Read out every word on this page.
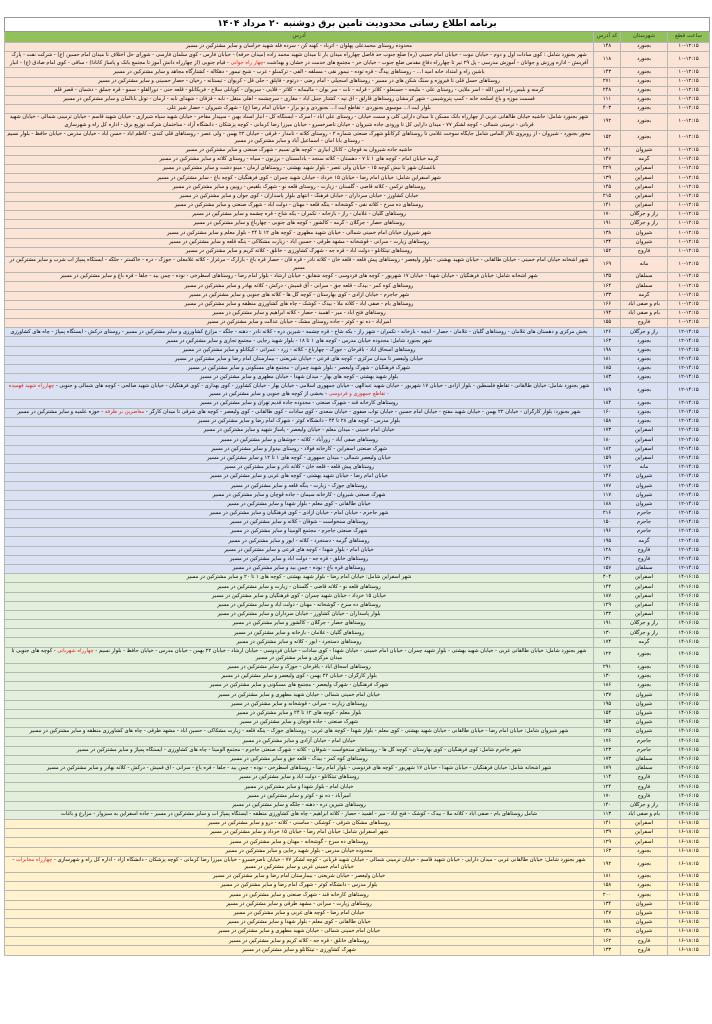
برنامه اطلاع رسانی محدودیت تامین برق دوشنبه ۲۰ مرداد ۱۴۰۴			
ساعت قطع	شهرستان	کد آدرس	آدرس
۱۰-۱۲:۱۵	بجنورد	۱۴۸	محدوده روستای محمدعلی پهلوان - اترباد - کهنه کن - سرده فله شهید خراسان و سایر مشترکین در مسیر
۱۰-۱۲:۱۵	بجنورد	۱۱۸	شهر بجنورد شامل : کوی سادات اول و دوم - خیابان نبوت - خیابان امام خمینی (ره) ضلع جنوب حد فاصل چهارراه میدان بار تا میدان شهید محمد زاده (میدان حرفه) - خیابان فارس - کوی سلمان فارسی - شورای حل اختلاف تا میدان امام حسین (ع) - شرکت نفت - پارک آفرینش - اداره ورزش و جوانان - آموزش مدرسی - پل ۲۹ تیر تا چهارراه دفاع مقدس ضلع جنوب - خیابان حر - مجتمع های خدمت در خشان و بهداشت -چهار راه جوانی - قیام جنوبی (از چهارراه دانش آموز تا مجتمع بانک و پاساژ کانادا) - ساقی - کوی امام صادق (ع) - انبار
۱۰-۱۲:۱۵	بجنورد	۱۴۳	باشین راه و امتداد خانه امید ا... - روستاهای پیدگ - قره توده - نیمور نقی - مسلقه - الفی - ترکمنلو - غرب - شیخ تیمور - دهکاله - کشتارگاه مجاهد و سایر مشترکین در مسیر
۱۰-۱۲:۱۵	بجنورد	۲۷۱	روستاهای حسل قلی تا فیروزه و سنگ شکن های در مسیر - روستاهای اسجیلی - امام رضی - درتوم - قاپلق - حلی قل - کریوان - تیستانه - رخیان - حصار حسینی و سایر مشترکین در مسیر
۱۰-۱۲:۱۵	بجنورد	۲۴۸	کرمنه و بلیس راه امین الله - اسر ملایی - روستای علی - ملیحه - حسنعلو - کلاتر - قرابه - نات - سر یوان - مالیمانه - کلاتر - قلایی - سرپوان - کوپانلی سلاخ - فریکانلو - قلعه حنی - دورالقلو - سمو - قره جملق - دشمان - قصر قلم
۱۰-۱۲:۱۵	بجنورد	۱۱۱	قسمت موزه و باغ اسلحه خانه - کمپ پتروشیمی - شهر کرمشان روستاهای قارلق - آق تپه - کشتار جنبل آباد - مقاری - سرچشمه - اهلی منقل - نابه - قزقان - شهدای نابه - ارمان - تونل بابالمان و سایر مشترکین در مسیر
۱۰-۱۲:۱۵	بجنورد	۴۰۳	بلوار آیت ا... موسوی بجنوردی - تقاطع آیت ا... بجنوردی و نو برار - خیابان امام رضا (ع) - شهرک شیروان - حصار شیر علی
۱۰-۱۲:۱۵	بجنورد	۱۹۲	شهر بجنورد شامل: حاشیه خیابان طالقانی غربی از چهارراه بانک مسکن تا میدان دارایی کلی و سمت خیابان - روستای علی آباد - اسرک - ایستگاه کل - انبار اسناد بهبن - سپیدار مفاخر - خیابان شهید سپاه شیرازی - خیابان شهید قاسم - خیابان ترمینی شمالی - خیابان شهید قربانی - ترمینی شمالی - کوچه لشکر ۷۷ - میدان دارایی کل تا ورودی جاده شیروان - خیابان ناصرخسرو - خیابان میرزا رضا کرمانی - کوچه پزشکان - دانشگاه آزاد - ساختمان شرکت توزیع برق - اداره کل راه و شهرسازی
۱۰-۱۲:۱۵	بجنورد	۱۵۲	محور بجنورد - شیروان - از روبروی تالار الماس شامل جایگاه سوخت غلامی تا روستاهای کرکانلو شهرک صنعتی شماره ۲ - روستای کلاته - نامدار - قرقی - خیابان ۲۲ بهمن - ولی عصر - روستاهای قلی کندی - کاظم آباد - حسن آباد - خیابان مدرس - خیابان حافظ - بلوار نسیم - روستای بابا امان - اسماعیل آباد و سایر مشترکین در مسیر
۱۰-۱۲:۱۵	شیروان	۱۴۱	حاشیه جاده شیروان به قوچان - کانال آبیاری - کوچه های نسیم - شهرک صنعتی و سایر مشترکین در مسیر
۱۰-۱۲:۱۵	گرمه	۱۴۷	گرمه خیابان امام - کوچه های ۱ تا ۷ - دهستان - کلاته سنجد - بادامستان - برزنون - سیاه - روستای کلاته و سایر مشترکین در مسیر
۱۰-۱۲:۱۵	اسفراین	۲۲۹	باغستان شهر تا نبش کوچه ۱۵ - خیابان ولی عصر - بلوار شهید بهشتی - روستاهای آرمان - مینو دشت و سایر مشترکین در مسیر
۱۰-۱۲:۱۵	اسفراین	۱۳۹	شهر اسفراین شامل: خیابان امام رضا - خیابان ۱۵ خرداد - خیابان شهید چمران - کوی فرهنگیان - کوچه باغ - سایر مشترکین در مسیر
۱۰-۱۲:۱۵	اسفراین	۱۴۵	روستاهای ترکمن - کلاته قاضی - گلستان - زیارت - روستای قلعه نو - شهرک بلقیس - رویین و سایر مشترکین در مسیر
۱۰-۱۲:۱۵	اسفراین	۲۱۵	خیابان کشاورز - خیابان سرداران - خیابان فرهنگ - انتهای بلوار پاسداران - کوی جوان و سایر مشترکین در مسیر
۱۰-۱۲:۱۵	اسفراین	۱۴۱	روستاهای ده سرخ - کلاته نقی - گوشخانه - ینگه قلعه - مهنان - دولت آباد - شهرک صنعتی و سایر مشترکین در مسیر
۱۰-۱۲:۱۵	راز و جرگلان	۱۷۰	روستاهای گلیان - غلامان - راز - بازخانه - تکمران - یکه شاخ - قره چشمه و سایر مشترکین در مسیر
۱۰-۱۲:۱۵	راز و جرگلان	۱۹۱	روستاهای حصار - جرگلان - گرمه - کالشور - کوچه های جنوبی - چهارباغ و سایر مشترکین در مسیر
۱۰-۱۲:۱۵	شیروان	۱۳۸	شهر شیروان خیابان امام خمینی شمالی - خیابان شهید مطهری - کوچه های ۱۲ تا ۲۴ - بلوار معلم و سایر مشترکین در مسیر
۱۰-۱۲:۱۵	شیروان	۱۳۴	روستاهای زیارت - سرانی - قوشخانه - مشهد طرقی - حسین آباد - زیارت مشکاکی - ینگه قلعه و سایر مشترکین در مسیر
۱۰-۱۲:۱۵	فاروج	۱۵۲	روستاهای تیتکانلو - دولت آباد - قره جه - شهرک کشاورزی - خانلق - کلاته کریم و سایر مشترکین در مسیر
۱۰-۱۲:۱۵	مانه	۱۶۹	شهر آشخانه خیابان امام خمینی - خیابان طالقانی - خیابان شهید بهشتی - بلوار ولیعصر - روستاهای پیش قلعه - قلعه خان - کلاته نادر - قره قان - حصار قره باغ - بازارک - مرغزار - کلاته غلامعلی - جوزک - دره - خاکستر - جلگه - ایستگاه پمپاژ آب شرب و سایر مشترکین در مسیر
۱۰-۱۲:۱۵	سملقان	۱۳۵	شهر آشخانه شامل: خیابان فرهنگیان - خیابان شهدا - خیابان ۱۷ شهریور - کوچه های فردوسی - کوچه شقایق - خیابان ارشاد - بلوار امام رضا - روستاهای اسطرخی - نوده - چمن بید - جلفا - قره باغ و سایر مشترکین در مسیر
۱۰-۱۲:۱۵	سملقان	۱۶۴	روستاهای کوه کمر - بیدک - قلعه جق - سرانی - آق قمیش - درکش - کلاته بهادر و سایر مشترکین در مسیر
۱۰-۱۲:۱۵	گرمه	۱۳۳	شهر جاجرم - خیابان آزادی - کوی بهارستان - کوچه گل ها - کلاته های جنوبی و سایر مشترکین در مسیر
۱۰-۱۲:۱۵	بام و صفی آباد	۱۶۶	روستاهای بام - صفی آباد - کلاته ملا - بیدک - کوشک - چاه های کشاورزی منطقه و سایر مشترکین در مسیر
۱۰-۱۲:۱۵	بام و صفی آباد	۱۹۴	روستاهای فتح آباد - میر - آهمید - حصار - کلاته ابراهیم و سایر مشترکین در مسیر
۱۰-۱۲:۱۵	فاروج	۱۵۵	امیرآباد - ده نو - کوثر - جاده روستای مشک - خیابان عدالت و سایر مشترکین در مسیر
۱۲-۱۴:۱۵	راز و جرگلان	۱۲۶	بخش مرکزی و دهستان های غلامان - روستاهای گلیان - غلامان - حصار - اینچه - بازخانه - تکمران - شهر راز - یکه شاخ - قره چشمه - شیرین دره - کلاته نادر - دهنه - جلگه - مزارع کشاورزی و سایر مشترکین در مسیر - روستای درکش - ایستگاه پمپاژ - چاه های کشاورزی
۱۲-۱۴:۱۵	بجنورد	۱۶۳	شهر بجنورد شامل: محدوده خیابان مدرس - کوچه های ۱ تا ۱۸ - بلوار شهید رجایی - مجتمع تجاری و سایر مشترکین در مسیر
۱۲-۱۴:۱۵	بجنورد	۱۹۸	روستاهای اسحاق آباد - باقرخان - جوزک - چهارباغ - کلاته - زرد - عمرانی - کیکانلو و سایر مشترکین در مسیر
۱۲-۱۴:۱۵	بجنورد	۱۸۱	خیابان ولیعصر تا میدان مرکزی - کوچه های فرعی - خیابان شریعتی - بیمارستان امام رضا و سایر مشترکین در مسیر
۱۲-۱۴:۱۵	بجنورد	۱۸۵	شهرک فرهنگیان - شهرک ولیعصر - بلوار شهید چمران - مجتمع های مسکونی و سایر مشترکین در مسیر
۱۲-۱۴:۱۵	بجنورد	۱۸۳	بلوار شهید بهشتی - کوچه های بهار - میدان شهدا - خیابان مطهری و سایر مشترکین در مسیر
۱۲-۱۴:۱۵	بجنورد	۱۸۹	شهر بجنورد شامل: خیابان طالقانی - تقاطع فلسطین - بلوار آزادی - خیابان ۱۷ شهریور - خیابان شهید عبدالهی - خیابان جمهوری اسلامی - خیابان بهار - خیابان کشاورز - کوی بهداری - کوی فرهنگیان - خیابان شهید صالحی - کوچه های شمالی و جنوبی - چهارراه شهید فهمیده - تقاطع جمهوری و فردوسی - بخشی از کوچه های جنوبی و سایر مشترکین در مسیر
۱۲-۱۴:۱۵	بجنورد	۱۸۴	روستاهای کارخانه قند - شهرک صنعتی - محدوده جاده قدیم تهران و سایر مشترکین در مسیر
۱۲-۱۴:۱۵	بجنورد	۱۶۰	شهر بجنورد: بلوار کارگران - خیابان ۲۲ بهمن - خیابان شهید مفتح - خیابان امام حسین - خیابان نواب صفوی - خیابان سعدی - کوی سادات - کوی طالقانی - کوی ولیعصر - کوچه های شرقی تا میدان کارگر - معاصرین بر طرفه - حوزه علمیه و سایر مشترکین در مسیر
۱۲-۱۴:۱۵	بجنورد	۱۵۸	بلوار مدرس - کوچه های ۲۸ تا ۴۴ - دانشگاه کوثر - شهرک امام رضا و سایر مشترکین در مسیر
۱۲-۱۴:۱۵	اسفراین	۱۷۳	خیابان امام خمینی - میدان معلم - خیابان ولیعصر - پاساژ شهید و سایر مشترکین در مسیر
۱۲-۱۴:۱۵	اسفراین	۱۸۰	روستاهای صفی آباد - زورآباد - کلاته - جوشقان و سایر مشترکین در مسیر
۱۲-۱۴:۱۵	اسفراین	۱۸۲	شهرک صنعتی اسفراین - کارخانه فولاد - روستای بیدواز و سایر مشترکین در مسیر
۱۲-۱۴:۱۵	اسفراین	۱۵۹	خیابان ولیعصر شمالی - میدان جمهوری - کوچه های ۱ تا ۱۲ و سایر مشترکین در مسیر
۱۲-۱۴:۱۵	مانه	۱۱۲	روستاهای پیش قلعه - قلعه خان - کلاته نادر و سایر مشترکین در مسیر
۱۲-۱۴:۱۵	شیروان	۱۴۶	خیابان امام رضا - خیابان شهید بهشتی - کوچه های غربی و سایر مشترکین در مسیر
۱۲-۱۴:۱۵	شیروان	۱۷۷	روستاهای جوزک - زیارت - ینگه قلعه و سایر مشترکین در مسیر
۱۲-۱۴:۱۵	شیروان	۱۱۷	شهرک صنعتی شیروان - کارخانه سیمان - جاده قوچان و سایر مشترکین در مسیر
۱۲-۱۴:۱۵	شیروان	۱۸۸	خیابان طالقانی - کوی معلم - بلوار شهدا و سایر مشترکین در مسیر
۱۲-۱۴:۱۵	جاجرم	۲۱۶	شهر جاجرم - خیابان امام - خیابان آزادی - کوی فرهنگیان و سایر مشترکین در مسیر
۱۲-۱۴:۱۵	جاجرم	۱۵۰	روستاهای سنخواست - شوقان - کلاته و سایر مشترکین در مسیر
۱۲-۱۴:۱۵	جاجرم	۱۹۶	شهرک صنعتی جاجرم - مجتمع آلومینا و سایر مشترکین در مسیر
۱۲-۱۴:۱۵	گرمه	۱۹۵	روستاهای گرمه - دستجرد - کلاته - ایور و سایر مشترکین در مسیر
۱۲-۱۴:۱۵	فاروج	۱۲۸	خیابان امام - بلوار شهدا - کوچه های فرعی و سایر مشترکین در مسیر
۱۲-۱۴:۱۵	فاروج	۱۳۱	روستاهای خانلق - قره جه - دولت آباد و سایر مشترکین در مسیر
۱۲-۱۴:۱۵	سملقان	۱۵۷	روستاهای قره باغ - نوده - چمن بید و سایر مشترکین در مسیر
۱۴-۱۶:۱۵	اسفراین	۴۰۴	شهر اسفراین شامل: خیابان امام رضا - بلوار شهید بهشتی - کوچه های ۱ تا ۲۰ و سایر مشترکین در مسیر
۱۴-۱۶:۱۵	اسفراین	۱۴۴	روستاهای قلعه نو - کلاته قاضی - گلستان - زیارت و سایر مشترکین در مسیر
۱۴-۱۶:۱۵	اسفراین	۱۸۷	خیابان ۱۵ خرداد - خیابان شهید چمران - کوی فرهنگیان و سایر مشترکین در مسیر
۱۴-۱۶:۱۵	اسفراین	۱۲۹	روستاهای ده سرخ - گوشخانه - مهنان - دولت آباد و سایر مشترکین در مسیر
۱۴-۱۶:۱۵	اسفراین	۱۳۲	بلوار پاسداران - خیابان کشاورز - خیابان سرداران و سایر مشترکین در مسیر
۱۴-۱۶:۱۵	راز و جرگلان	۱۹۱	روستاهای حصار - جرگلان - کالشور و سایر مشترکین در مسیر
۱۴-۱۶:۱۵	راز و جرگلان	۱۳۰	روستاهای گلیان - غلامان - بازخانه و سایر مشترکین در مسیر
۱۴-۱۶:۱۵	گرمه	۱۷۴	روستاهای دستجرد - ایور - کلاته و سایر مشترکین در مسیر
۱۴-۱۶:۱۵	بجنورد	۱۲۲	شهر بجنورد شامل: خیابان طالقانی غربی - خیابان شهید بهشتی - بلوار شهید چمران - خیابان امام خمینی - خیابان شهدا - کوی سادات - خیابان فردوسی - خیابان ارشاد - خیابان ۲۲ بهمن - خیابان مدرس - خیابان حافظ - بلوار نسیم - چهارراه شهربانی - کوچه های جنوبی تا میدان مرکزی و سایر مشترکین در مسیر
۱۴-۱۶:۱۵	بجنورد	۲۹۱	روستاهای اسحاق آباد - باقرخان - جوزک و سایر مشترکین در مسیر
۱۴-۱۶:۱۵	بجنورد	۱۳۰	بلوار کارگران - خیابان ۲۲ بهمن - کوی ولیعصر و سایر مشترکین در مسیر
۱۴-۱۶:۱۵	بجنورد	۱۸۶	شهرک فرهنگیان - شهرک ولیعصر - مجتمع های مسکونی و سایر مشترکین در مسیر
۱۴-۱۶:۱۵	شیروان	۱۳۷	خیابان امام خمینی شمالی - خیابان شهید مطهری و سایر مشترکین در مسیر
۱۴-۱۶:۱۵	شیروان	۱۹۵	روستاهای زیارت - سرانی - قوشخانه و سایر مشترکین در مسیر
۱۴-۱۶:۱۵	شیروان	۱۵۴	بلوار معلم - کوچه های ۱۲ تا ۲۴ و سایر مشترکین در مسیر
۱۴-۱۶:۱۵	شیروان	۱۵۳	شهرک صنعتی - جاده قوچان و سایر مشترکین در مسیر
۱۴-۱۶:۱۵	شیروان	۱۲۵	شهر شیروان شامل: خیابان امام رضا - خیابان طالقانی - خیابان شهید بهشتی - کوی معلم - بلوار شهدا - کوچه های غربی - روستاهای جوزک - ینگه قلعه - زیارت مشکاکی - حسین آباد - مشهد طرقی - چاه های کشاورزی منطقه و سایر مشترکین در مسیر
۱۴-۱۶:۱۵	جاجرم	۱۷۶	خیابان امام - خیابان آزادی و سایر مشترکین در مسیر
۱۴-۱۶:۱۵	جاجرم	۱۲۳	شهر جاجرم شامل: کوی فرهنگیان - کوی بهارستان - کوچه گل ها - روستاهای سنخواست - شوقان - کلاته - شهرک صنعتی جاجرم - مجتمع آلومینا - چاه های کشاورزی - ایستگاه پمپاژ و سایر مشترکین در مسیر
۱۴-۱۶:۱۵	سملقان	۱۷۳	روستاهای کوه کمر - بیدک - قلعه جق و سایر مشترکین در مسیر
۱۴-۱۶:۱۵	سملقان	۱۷۹	شهر آشخانه شامل: خیابان فرهنگیان - خیابان شهدا - خیابان ۱۷ شهریور - کوچه های فردوسی - بلوار امام رضا - روستاهای اسطرخی - نوده - چمن بید - جلفا - قره باغ - سرانی - آق قمیش - درکش - کلاته بهادر و سایر مشترکین در مسیر
۱۴-۱۶:۱۵	فاروج	۱۱۴	روستاهای تیتکانلو - دولت آباد و سایر مشترکین در مسیر
۱۴-۱۶:۱۵	فاروج	۱۲۴	خیابان امام - بلوار شهدا و سایر مشترکین در مسیر
۱۴-۱۶:۱۵	فاروج	۱۷۰	امیرآباد - ده نو - کوثر و سایر مشترکین در مسیر
۱۴-۱۶:۱۵	راز و جرگلان	۱۴۰	روستاهای شیرین دره - دهنه - جلگه و سایر مشترکین در مسیر
۱۴-۱۶:۱۵	بام و صفی آباد	۱۱۳	شامل روستاهای بام - صفی آباد - کلاته ملا - بیدک - کوشک - فتح آباد - میر - آهمید - حصار - کلاته ابراهیم - چاه های کشاورزی منطقه - ایستگاه پمپاژ آب و سایر مشترکین در مسیر - جاده اسفراین به سبزوار - مزارع و باغات
۱۶-۱۸:۱۵	اسفراین	۱۴۱	روستاهای مشکان شرقی - کوشکی - ساسنی - کلاته - درو و سایر مشترکین در مسیر
۱۶-۱۸:۱۵	اسفراین	۱۳۹	شهر اسفراین شامل: خیابان امام رضا - خیابان ۱۵ خرداد و سایر مشترکین در مسیر
۱۶-۱۸:۱۵	اسفراین	۱۲۹	روستاهای ده سرخ - گوشخانه - مهنان و سایر مشترکین در مسیر
۱۶-۱۸:۱۵	بجنورد	۱۶۳	محدوده خیابان مدرس - بلوار شهید رجایی و سایر مشترکین در مسیر
۱۶-۱۸:۱۵	بجنورد	۱۹۲	شهر بجنورد شامل: خیابان طالقانی غربی - میدان دارایی - خیابان شهید قاسم - خیابان ترمینی شمالی - خیابان شهید قربانی - کوچه لشکر ۷۷ - خیابان ناصرخسرو - خیابان میرزا رضا کرمانی - کوچه پزشکان - دانشگاه آزاد - اداره کل راه و شهرسازی - چهارراه مخابرات - خیابان امام خمینی غربی و سایر مشترکین در مسیر
۱۶-۱۸:۱۵	بجنورد	۱۸۱	خیابان ولیعصر - خیابان شریعتی - بیمارستان امام رضا و سایر مشترکین در مسیر
۱۶-۱۸:۱۵	بجنورد	۱۵۸	بلوار مدرس - دانشگاه کوثر - شهرک امام رضا و سایر مشترکین در مسیر
۱۶-۱۸:۱۵	بجنورد	۲۰۰	روستاهای کارخانه قند - شهرک صنعتی و سایر مشترکین در مسیر
۱۶-۱۸:۱۵	شیروان	۱۳۴	روستاهای زیارت - سرانی - مشهد طرقی و سایر مشترکین در مسیر
۱۶-۱۸:۱۵	شیروان	۱۴۷	خیابان امام رضا - کوچه های غربی و سایر مشترکین در مسیر
۱۶-۱۸:۱۵	شیروان	۱۸۸	خیابان طالقانی - کوی معلم - بلوار شهدا و سایر مشترکین در مسیر
۱۶-۱۸:۱۵	شیروان	۱۳۸	خیابان امام خمینی شمالی - خیابان شهید مطهری و سایر مشترکین در مسیر
۱۶-۱۸:۱۵	فاروج	۱۶۲	روستاهای خانلق - قره جه - کلاته کریم و سایر مشترکین در مسیر
۱۶-۱۸:۱۵	فاروج	۱۳۳	شهرک کشاورزی - تیتکانلو و سایر مشترکین در مسیر
